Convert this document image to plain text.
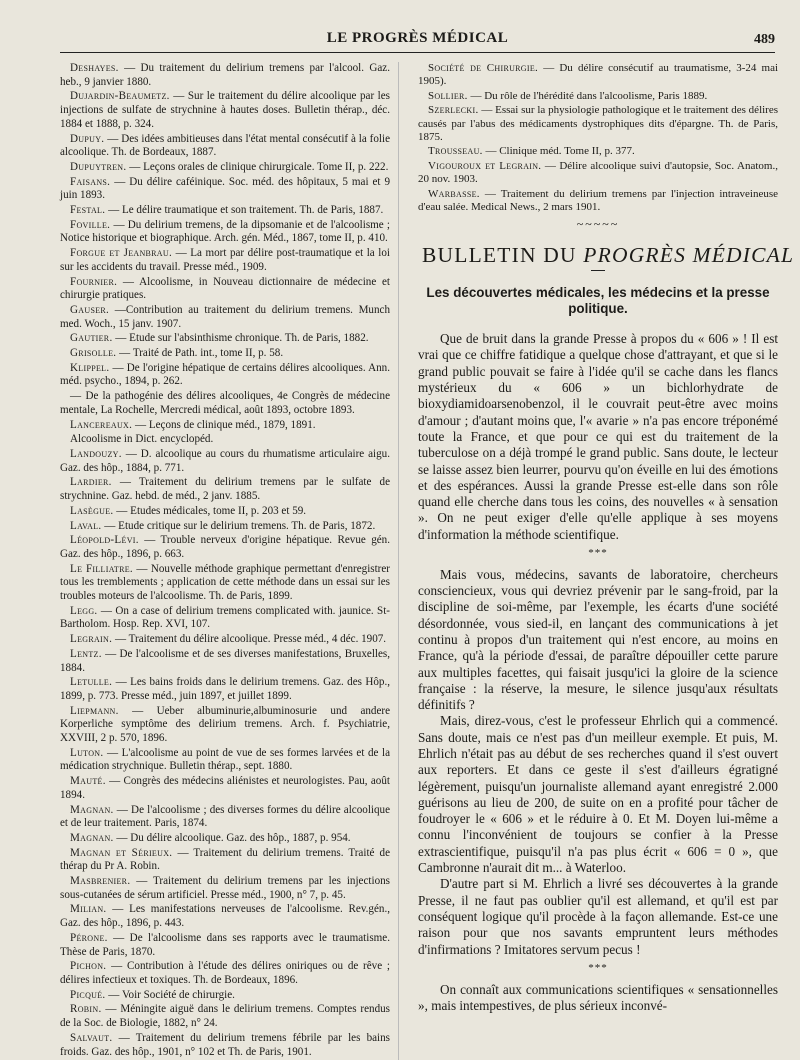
LE PROGRÈS MÉDICAL	489

Deshayes. — Du traitement du delirium tremens par l'alcool. Gaz. heb., 9 janvier 1880.

Dujardin-Beaumetz. — Sur le traitement du délire alcoolique par les injections de sulfate de strychnine à hautes doses. Bulletin thérap., déc. 1884 et 1888, p. 324.

Dupuy. — Des idées ambitieuses dans l'état mental consécutif à la folie alcoolique. Th. de Bordeaux, 1887.

Dupuytren. — Leçons orales de clinique chirurgicale. Tome II, p. 222.

Faisans. — Du délire caféinique. Soc. méd. des hôpitaux, 5 mai et 9 juin 1893.

Festal. — Le délire traumatique et son traitement. Th. de Paris, 1887.

Foville. — Du delirium tremens, de la dipsomanie et de l'alcoolisme ; Notice historique et biographique. Arch. gén. Méd., 1867, tome II, p. 410.

Forgue et Jeanbrau. — La mort par délire post-traumatique et la loi sur les accidents du travail. Presse méd., 1909.

Fournier. — Alcoolisme, in Nouveau dictionnaire de médecine et chirurgie pratiques.

Gauser. —Contribution au traitement du delirium tremens. Munch med. Woch., 15 janv. 1907.

Gautier. — Etude sur l'absinthisme chronique. Th. de Paris, 1882.

Grisolle. — Traité de Path. int., tome II, p. 58.

Klippel. — De l'origine hépatique de certains délires alcooliques. Ann. méd. psycho., 1894, p. 262.

— De la pathogénie des délires alcooliques, 4e Congrès de médecine mentale, La Rochelle, Mercredi médical, août 1893, octobre 1893.

Lancereaux. — Leçons de clinique méd., 1879, 1891.

Alcoolisme in Dict. encyclopéd.

Landouzy. — D. alcoolique au cours du rhumatisme articulaire aigu. Gaz. des hôp., 1884, p. 771.

Lardier. — Traitement du delirium tremens par le sulfate de strychnine. Gaz. hebd. de méd., 2 janv. 1885.

Lasègue. — Etudes médicales, tome II, p. 203 et 59.

Laval. — Etude critique sur le delirium tremens. Th. de Paris, 1872.

Léopold-Lévi. — Trouble nerveux d'origine hépatique. Revue gén. Gaz. des hôp., 1896, p. 663.

Le Filliatre. — Nouvelle méthode graphique permettant d'enregistrer tous les tremblements ; application de cette méthode dans un essai sur les troubles moteurs de l'alcoolisme. Th. de Paris, 1899.

Legg. — On a case of delirium tremens complicated with. jaunice. St-Bartholom. Hosp. Rep. XVI, 107.

Legrain. — Traitement du délire alcoolique. Presse méd., 4 déc. 1907.

Lentz. — De l'alcoolisme et de ses diverses manifestations, Bruxelles, 1884.

Letulle. — Les bains froids dans le delirium tremens. Gaz. des Hôp., 1899, p. 773. Presse méd., juin 1897, et juillet 1899.

Liepmann. — Ueber albuminurie,albuminosurie und andere Korperliche symptôme des delirium tremens. Arch. f. Psychiatrie, XXVIII, 2 p. 570, 1896.

Luton. — L'alcoolisme au point de vue de ses formes larvées et de la médication strychnique. Bulletin thérap., sept. 1880.

Mauté. — Congrès des médecins aliénistes et neurologistes. Pau, août 1894.

Magnan. — De l'alcoolisme ; des diverses formes du délire alcoolique et de leur traitement. Paris, 1874.

Magnan. — Du délire alcoolique. Gaz. des hôp., 1887, p. 954.

Magnan et Sérieux. — Traitement du delirium tremens. Traité de thérap du Pr A. Robin.

Masbrenier. — Traitement du delirium tremens par les injections sous-cutanées de sérum artificiel. Presse méd., 1900, n° 7, p. 45.

Milian. — Les manifestations nerveuses de l'alcoolisme. Rev.gén., Gaz. des hôp., 1896, p. 443.

Pérone. — De l'alcoolisme dans ses rapports avec le traumatisme. Thèse de Paris, 1870.

Pichon. — Contribution à l'étude des délires oniriques ou de rêve ; délires infectieux et toxiques. Th. de Bordeaux, 1896.

Picqué. — Voir Société de chirurgie.

Robin. — Méningite aiguë dans le delirium tremens. Comptes rendus de la Soc. de Biologie, 1882, n° 24.

Salvaut. — Traitement du delirium tremens fébrile par les bains froids. Gaz. des hôp., 1901, n° 102 et Th. de Paris, 1901.

Société de Chirurgie. — Du délire consécutif au traumatisme, 3-24 mai 1905).

Sollier. — Du rôle de l'hérédité dans l'alcoolisme, Paris 1889.

Szerlecki. — Essai sur la physiologie pathologique et le traitement des délires causés par l'abus des médicaments dystrophiques dits d'épargne. Th. de Paris, 1875.

Trousseau. — Clinique méd. Tome II, p. 377.

Vigouroux et Legrain. — Délire alcoolique suivi d'autopsie, Soc. Anatom., 20 nov. 1903.

Warbasse. — Traitement du delirium tremens par l'injection intraveineuse d'eau salée. Medical News., 2 mars 1901.

~~~~~
BULLETIN DU PROGRÈS MÉDICAL
Les découvertes médicales, les médecins et la presse politique.

Que de bruit dans la grande Presse à propos du « 606 » ! Il est vrai que ce chiffre fatidique a quelque chose d'attrayant, et que si le grand public pouvait se faire à l'idée qu'il se cache dans les flancs mystérieux du « 606 » un bichlorhydrate de bioxydiamidoarsenobenzol, il le couvrait peut-être avec moins d'amour ; d'autant moins que, l'« avarie » n'a pas encore tréponémé toute la France, et que pour ce qui est du traitement de la tuberculose on a déjà trompé le grand public. Sans doute, le lecteur se laisse assez bien leurrer, pourvu qu'on éveille en lui des émotions et des espérances. Aussi la grande Presse est-elle dans son rôle quand elle cherche dans tous les coins, des nouvelles « à sensation ». On ne peut exiger d'elle qu'elle applique à ses moyens d'information la méthode scientifique.

***

Mais vous, médecins, savants de laboratoire, chercheurs consciencieux, vous qui devriez prévenir par le sang-froid, par la discipline de soi-même, par l'exemple, les écarts d'une société désordonnée, vous sied-il, en lançant des communications à jet continu à propos d'un traitement qui n'est encore, au moins en France, qu'à la période d'essai, de paraître dépouiller cette parure aux multiples facettes, qui faisait jusqu'ici la gloire de la science française : la réserve, la mesure, le silence jusqu'aux résultats définitifs ?

Mais, direz-vous, c'est le professeur Ehrlich qui a commencé. Sans doute, mais ce n'est pas d'un meilleur exemple. Et puis, M. Ehrlich n'était pas au début de ses recherches quand il s'est ouvert aux reporters. Et dans ce geste il s'est d'ailleurs égratigné légèrement, puisqu'un journaliste allemand ayant enregistré 2.000 guérisons au lieu de 200, de suite on en a profité pour tâcher de foudroyer le « 606 » et le réduire à 0. Et M. Doyen lui-même a connu l'inconvénient de toujours se confier à la Presse extrascientifique, puisqu'il n'a pas plus écrit « 606 = 0 », que Cambronne n'aurait dit m... à Waterloo.

D'autre part si M. Ehrlich a livré ses découvertes à la grande Presse, il ne faut pas oublier qu'il est allemand, et qu'il est par conséquent logique qu'il procède à la façon allemande. Est-ce une raison pour que nos savants empruntent leurs méthodes d'infirmations ? Imitatores servum pecus !

***

On connaît aux communications scientifiques « sensationnelles », mais intempestives, de plus sérieux inconvé-
